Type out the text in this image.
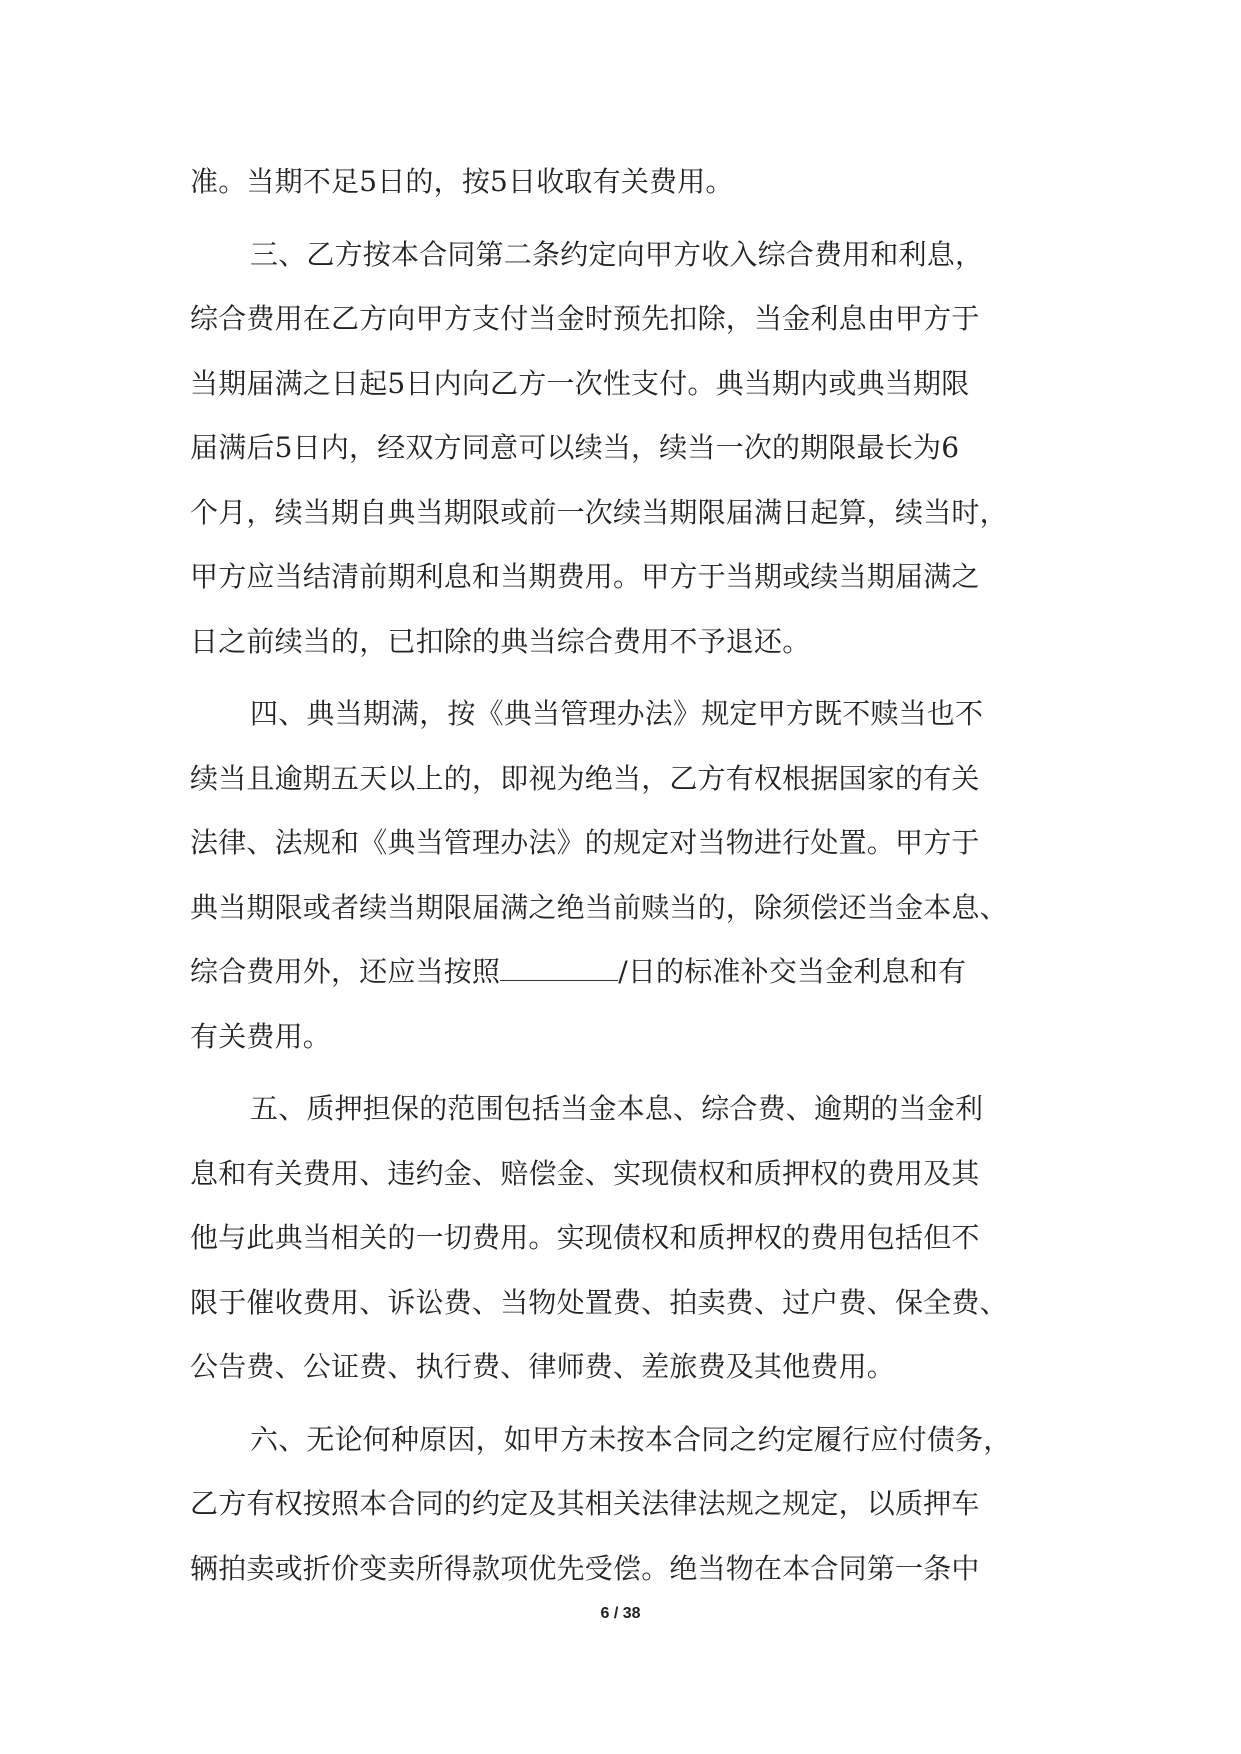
准。当期不足5日的，按5日收取有关费用。
三、乙方按本合同第二条约定向甲方收入综合费用和利息，
综合费用在乙方向甲方支付当金时预先扣除，当金利息由甲方于
当期届满之日起5日内向乙方一次性支付。典当期内或典当期限
届满后5日内，经双方同意可以续当，续当一次的期限最长为6
个月，续当期自典当期限或前一次续当期限届满日起算，续当时，
甲方应当结清前期利息和当期费用。甲方于当期或续当期届满之
日之前续当的，已扣除的典当综合费用不予退还。
四、典当期满，按《典当管理办法》规定甲方既不赎当也不
续当且逾期五天以上的，即视为绝当，乙方有权根据国家的有关
法律、法规和《典当管理办法》的规定对当物进行处置。甲方于
典当期限或者续当期限届满之绝当前赎当的，除须偿还当金本息、
综合费用外，还应当按照	/日的标准补交当金利息和有
有关费用。
五、质押担保的范围包括当金本息、综合费、逾期的当金利
息和有关费用、违约金、赔偿金、实现债权和质押权的费用及其
他与此典当相关的一切费用。实现债权和质押权的费用包括但不
限于催收费用、诉讼费、当物处置费、拍卖费、过户费、保全费、
公告费、公证费、执行费、律师费、差旅费及其他费用。
六、无论何种原因，如甲方未按本合同之约定履行应付债务，
乙方有权按照本合同的约定及其相关法律法规之规定，以质押车
辆拍卖或折价变卖所得款项优先受偿。绝当物在本合同第一条中
6 / 38
